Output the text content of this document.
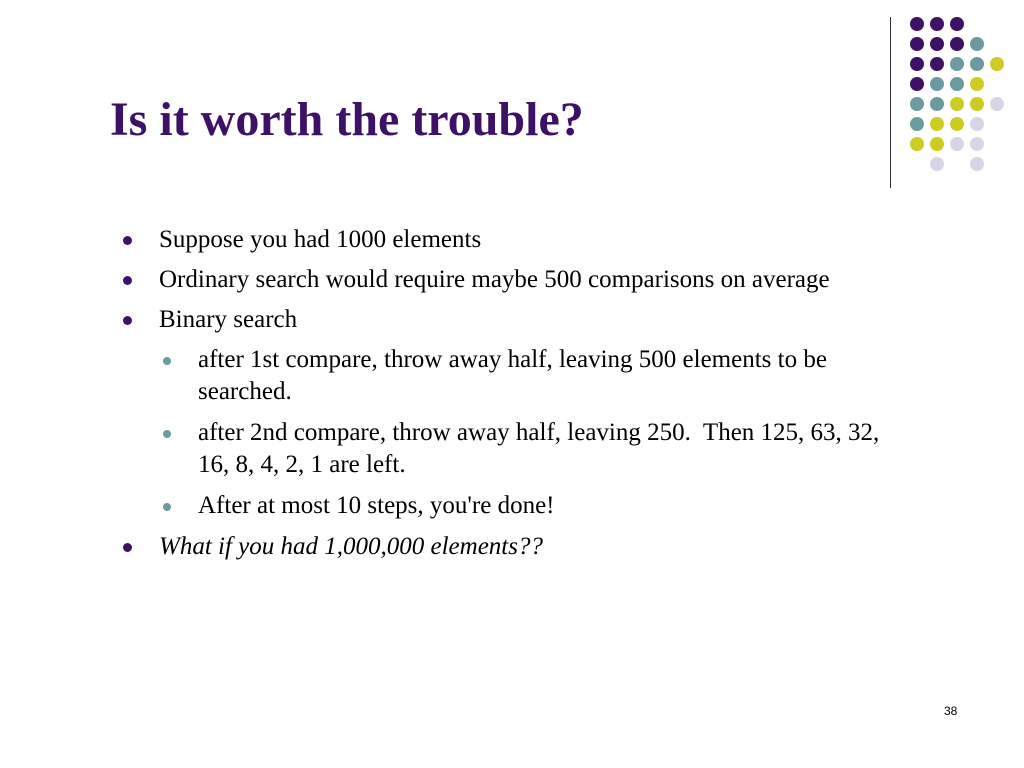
Is it worth the trouble?
Suppose you had 1000 elements
Ordinary search would require maybe 500 comparisons on average
Binary search
after 1st compare, throw away half, leaving 500 elements to be searched.
after 2nd compare, throw away half, leaving 250.  Then 125, 63, 32, 16, 8, 4, 2, 1 are left.
After at most 10 steps, you're done!
What if you had 1,000,000 elements??
38
